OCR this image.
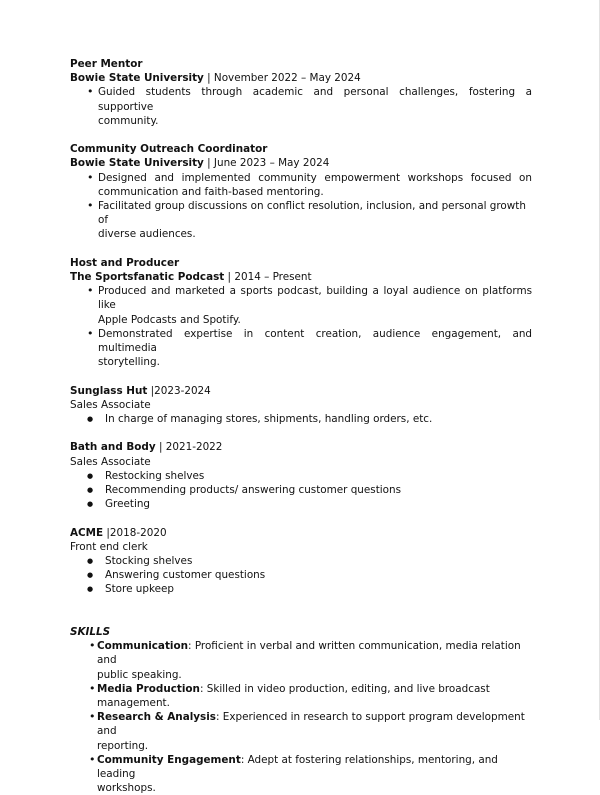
Peer Mentor
Bowie State University | November 2022 – May 2024
• Guided students through academic and personal challenges, fostering a supportive
community.
Community Outreach Coordinator
Bowie State University | June 2023 – May 2024
• Designed and implemented community empowerment workshops focused on
communication and faith-based mentoring.
• Facilitated group discussions on conflict resolution, inclusion, and personal growth of
diverse audiences.
Host and Producer
The Sportsfanatic Podcast | 2014 – Present
• Produced and marketed a sports podcast, building a loyal audience on platforms like
Apple Podcasts and Spotify.
• Demonstrated expertise in content creation, audience engagement, and multimedia
storytelling.
Sunglass Hut |2023-2024
Sales Associate
● In charge of managing stores, shipments, handling orders, etc.
Bath and Body | 2021-2022
Sales Associate
● Restocking shelves
● Recommending products/ answering customer questions
● Greeting
ACME |2018-2020
Front end clerk
● Stocking shelves
● Answering customer questions
● Store upkeep
SKILLS
• Communication: Proficient in verbal and written communication, media relation and
public speaking.
• Media Production: Skilled in video production, editing, and live broadcast
management.
• Research & Analysis: Experienced in research to support program development and
reporting.
• Community Engagement: Adept at fostering relationships, mentoring, and leading
workshops.
